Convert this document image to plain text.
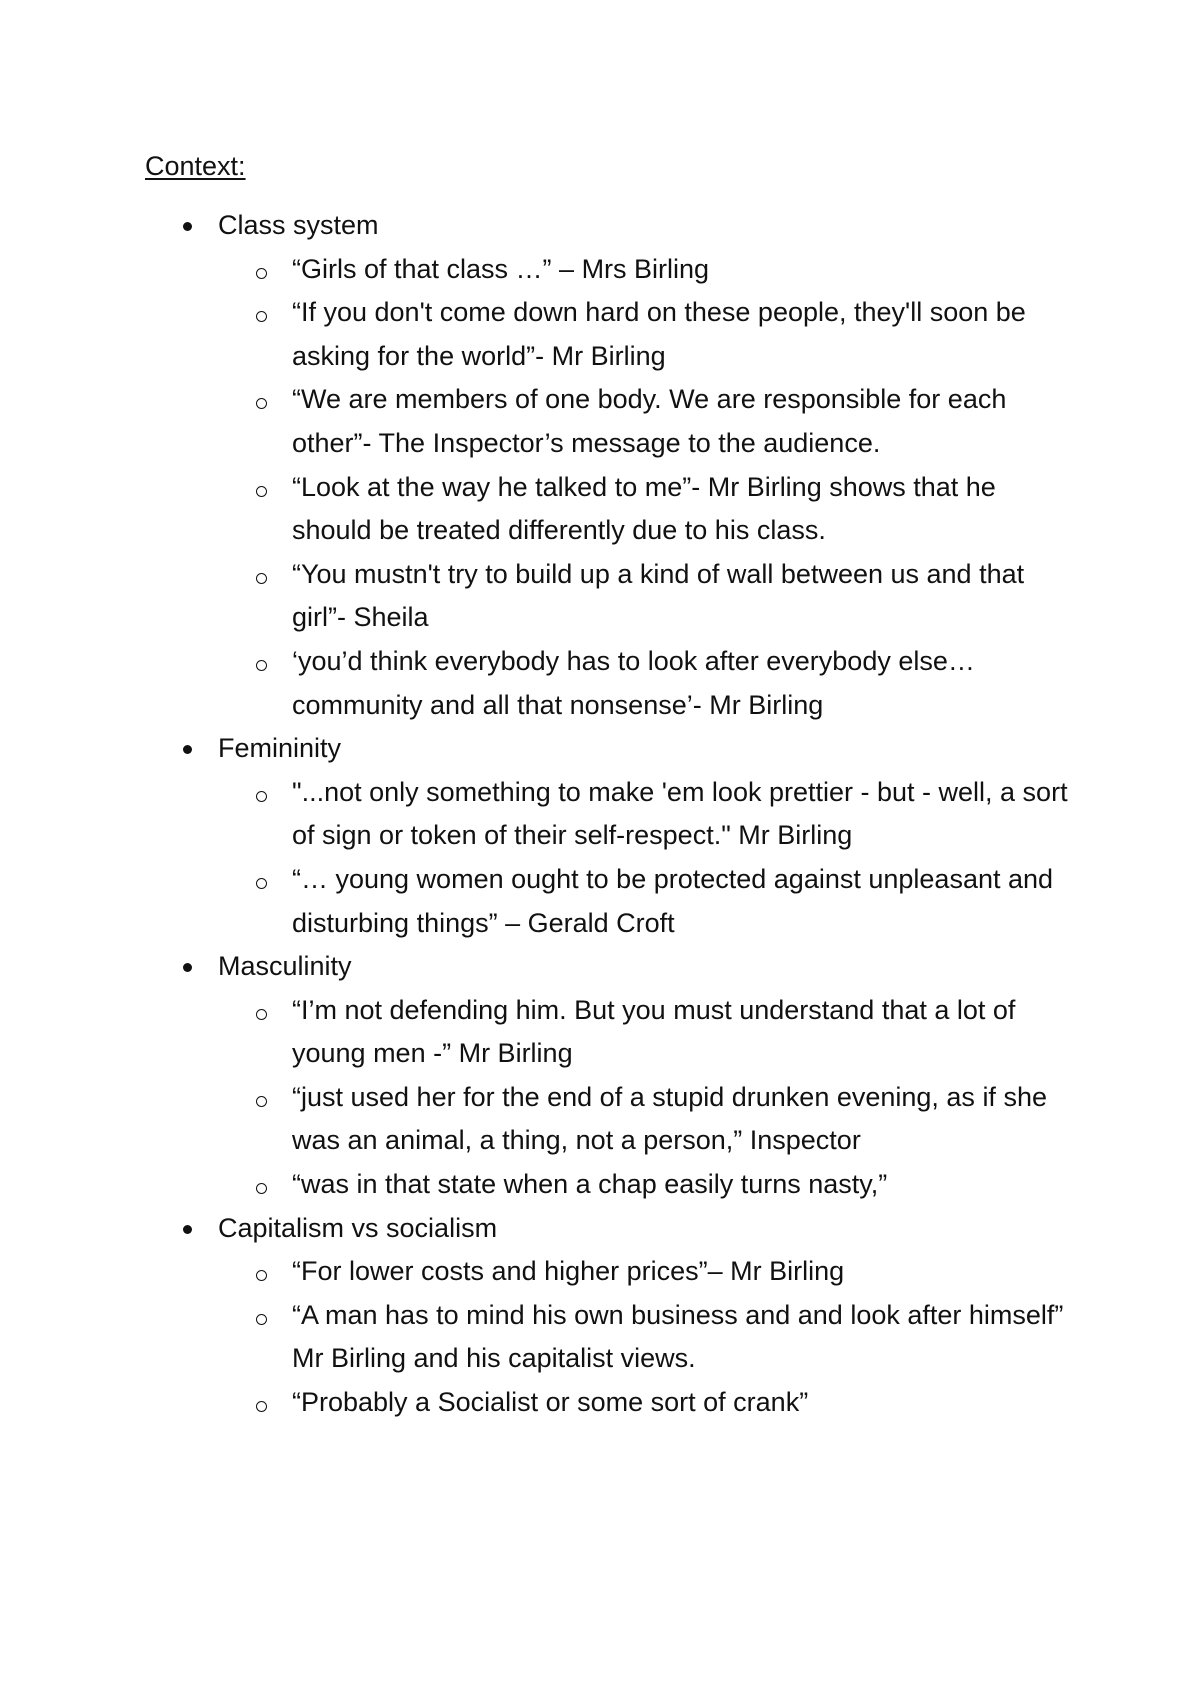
Context:
Class system
“Girls of that class …” – Mrs Birling
“If you don't come down hard on these people, they'll soon be asking for the world”- Mr Birling
“We are members of one body. We are responsible for each other”- The Inspector’s message to the audience.
“Look at the way he talked to me”- Mr Birling shows that he should be treated differently due to his class.
“You mustn't try to build up a kind of wall between us and that girl”- Sheila
‘you’d think everybody has to look after everybody else… community and all that nonsense’- Mr Birling
Femininity
"...not only something to make 'em look prettier - but - well, a sort of sign or token of their self-respect." Mr Birling
“… young women ought to be protected against unpleasant and disturbing things” – Gerald Croft
Masculinity
“I’m not defending him. But you must understand that a lot of young men -” Mr Birling
“just used her for the end of a stupid drunken evening, as if she was an animal, a thing, not a person,” Inspector
“was in that state when a chap easily turns nasty,”
Capitalism vs socialism
“For lower costs and higher prices”– Mr Birling
“A man has to mind his own business and and look after himself” Mr Birling and his capitalist views.
“Probably a Socialist or some sort of crank”
